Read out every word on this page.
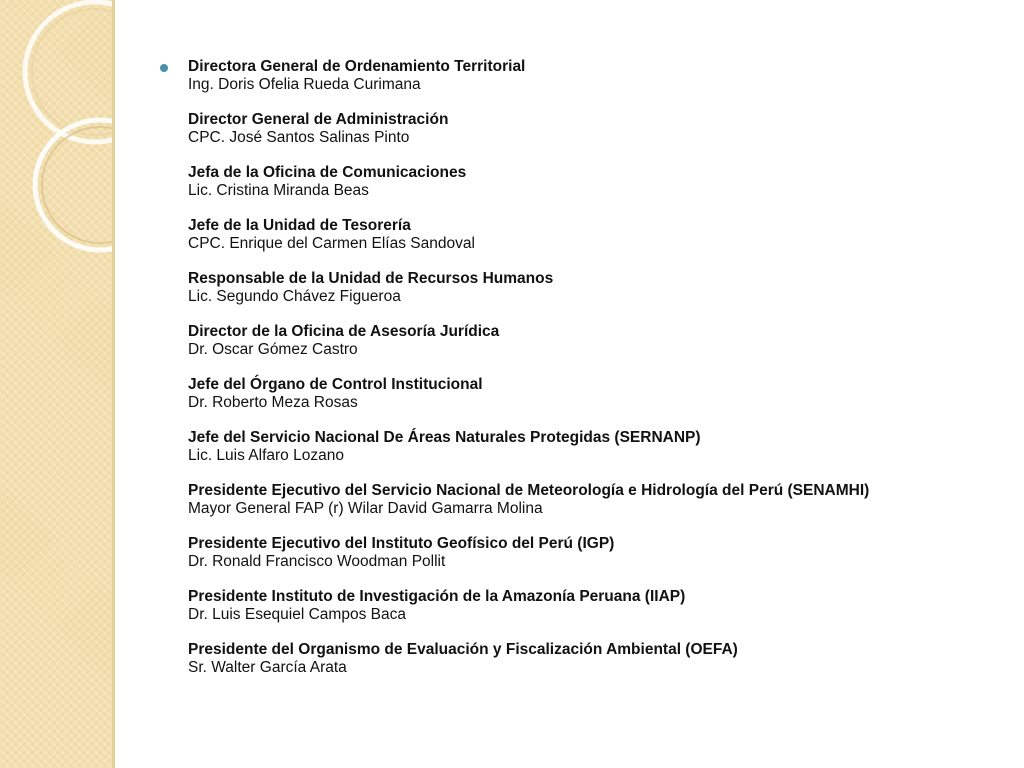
Directora General de Ordenamiento Territorial
Ing. Doris Ofelia Rueda Curimana
Director General de Administración
CPC. José Santos Salinas Pinto
Jefa de la Oficina de Comunicaciones
Lic. Cristina Miranda Beas
Jefe de la Unidad de Tesorería
CPC. Enrique del Carmen Elías Sandoval
Responsable de la Unidad de Recursos Humanos
Lic. Segundo Chávez Figueroa
Director de la Oficina de Asesoría Jurídica
Dr. Oscar Gómez Castro
Jefe del Órgano de Control Institucional
Dr. Roberto Meza Rosas
Jefe del Servicio Nacional De Áreas Naturales Protegidas (SERNANP)
Lic. Luis Alfaro Lozano
Presidente Ejecutivo del Servicio Nacional de Meteorología e Hidrología del Perú (SENAMHI)
Mayor General FAP (r) Wilar David Gamarra Molina
Presidente Ejecutivo del Instituto Geofísico del Perú (IGP)
Dr. Ronald Francisco Woodman Pollit
Presidente Instituto de Investigación de la Amazonía Peruana (IIAP)
Dr. Luis Esequiel Campos Baca
Presidente del Organismo de Evaluación y Fiscalización Ambiental (OEFA)
Sr. Walter García Arata
